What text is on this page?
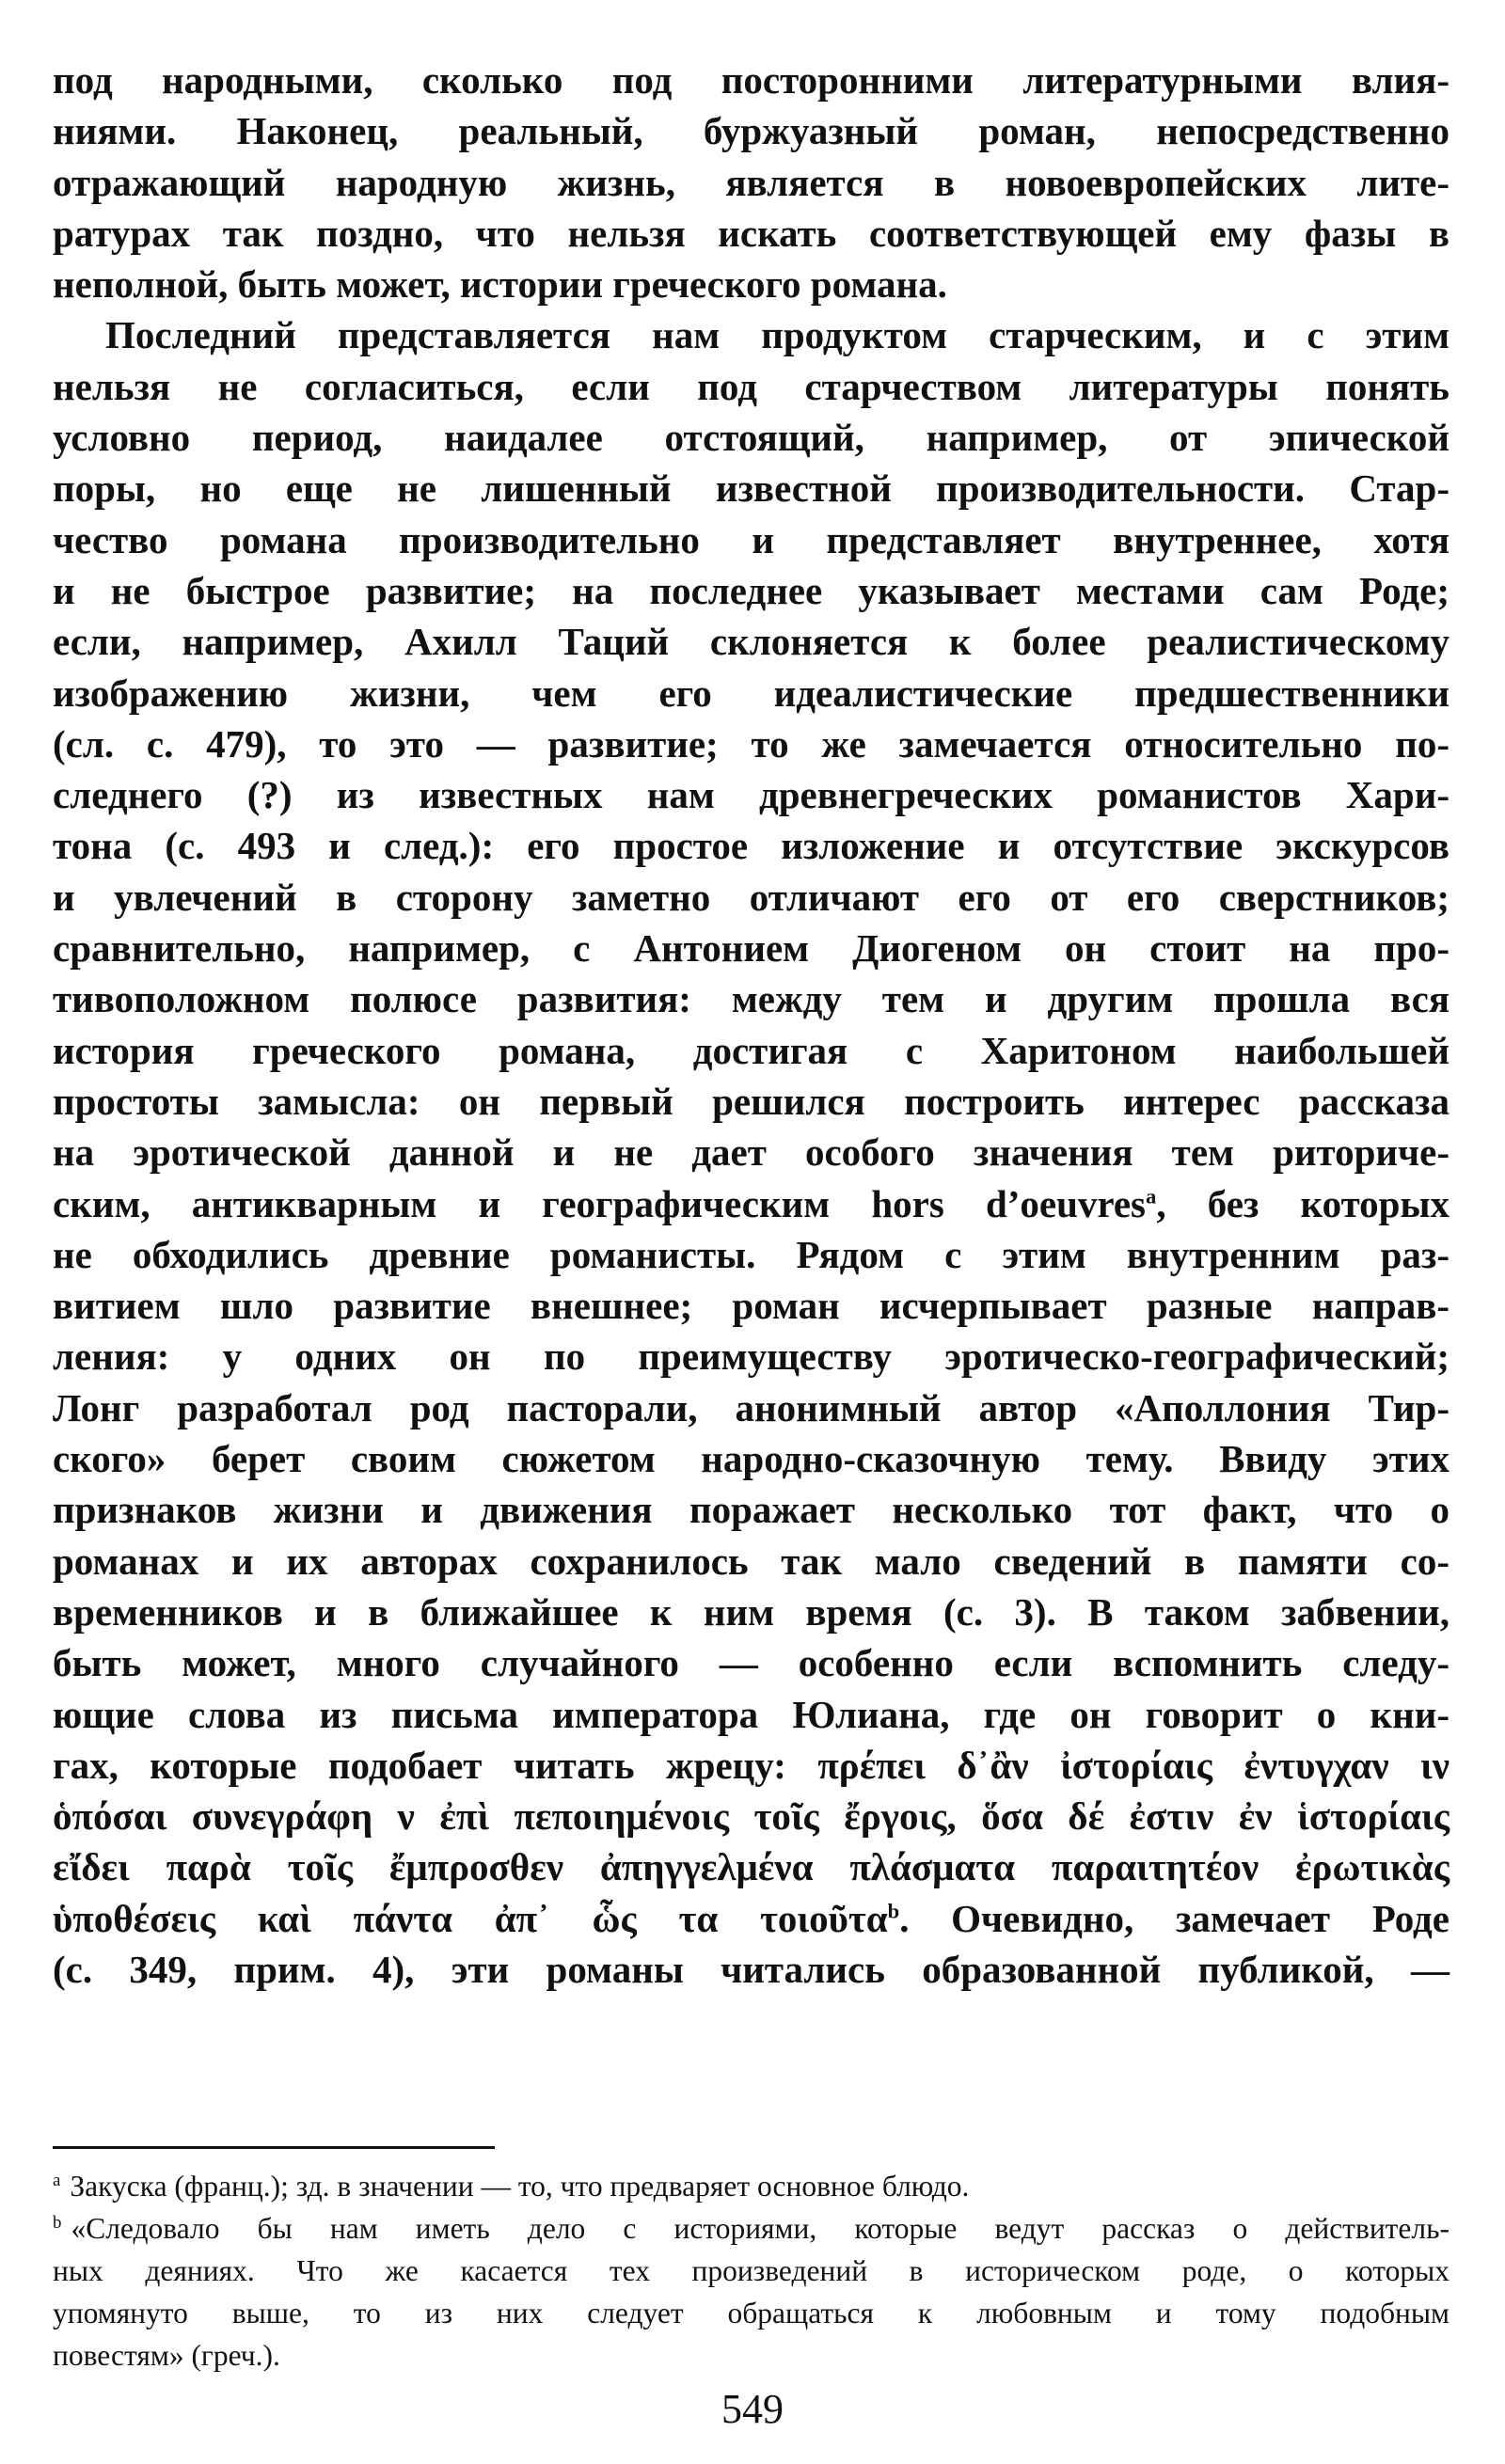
под народными, сколько под посторонними литературными влия-
ниями. Наконец, реальный, буржуазный роман, непосредственно
отражающий народную жизнь, является в новоевропейских лите-
ратурах так поздно, что нельзя искать соответствующей ему фазы в
неполной, быть может, истории греческого романа.

Последний представляется нам продуктом старческим, и с этим
нельзя не согласиться, если под старчеством литературы понять
условно период, наидалее отстоящий, например, от эпической
поры, но еще не лишенный известной производительности. Стар-
чество романа производительно и представляет внутреннее, хотя
и не быстрое развитие; на последнее указывает местами сам Роде;
если, например, Ахилл Таций склоняется к более реалистическому
изображению жизни, чем его идеалистические предшественники
(сл. с. 479), то это — развитие; то же замечается относительно по-
следнего (?) из известных нам древнегреческих романистов Хари-
тона (с. 493 и след.): его простое изложение и отсутствие экскурсов
и увлечений в сторону заметно отличают его от его сверстников;
сравнительно, например, с Антонием Диогеном он стоит на про-
тивоположном полюсе развития: между тем и другим прошла вся
история греческого романа, достигая с Харитоном наибольшей
простоты замысла: он первый решился построить интерес рассказа
на эротической данной и не дает особого значения тем риториче-
ским, антикварным и географическим hors d’oeuvres$^a$, без которых
не обходились древние романисты. Рядом с этим внутренним раз-
витием шло развитие внешнее; роман исчерпывает разные направ-
ления: у одних он по преимуществу эротическо-географический;
Лонг разработал род пасторали, анонимный автор «Аполлония Тир-
ского» берет своим сюжетом народно-сказочную тему. Ввиду этих
признаков жизни и движения поражает несколько тот факт, что о
романах и их авторах сохранилось так мало сведений в памяти со-
временников и в ближайшее к ним время (с. 3). В таком забвении,
быть может, много случайного — особенно если вспомнить следу-
ющие слова из письма императора Юлиана, где он говорит о кни-
гах, которые подобает читать жрецу: πρέπει δ᾽ἂν ἰστορίαις ἐντυγχαν ιν
ὁπόσαι συνεγράφη ν ἐπὶ πεποιημένοις τοῖς ἔργοις, ὅσα δέ ἐστιν ἐν ἱστορίαις
εἴδει παρὰ τοῖς ἔμπροσθεν ἀπηγγελμένα πλάσματα παραιτητέον ἐρωτικὰς
ὑποθέσεις καὶ πάντα ἀπ᾽ ὧς τα τοιοῦτα$^b$. Очевидно, замечает Роде
(с. 349, прим. 4), эти романы читались образованной публикой, —

$^a$ Закуска (франц.); зд. в значении — то, что предваряет основное блюдо.
$^b$ «Следовало бы нам иметь дело с историями, которые ведут рассказ о действитель-
ных деяниях. Что же касается тех произведений в историческом роде, о которых
упомянуто выше, то из них следует обращаться к любовным и тому подобным
повестям» (греч.).
549
